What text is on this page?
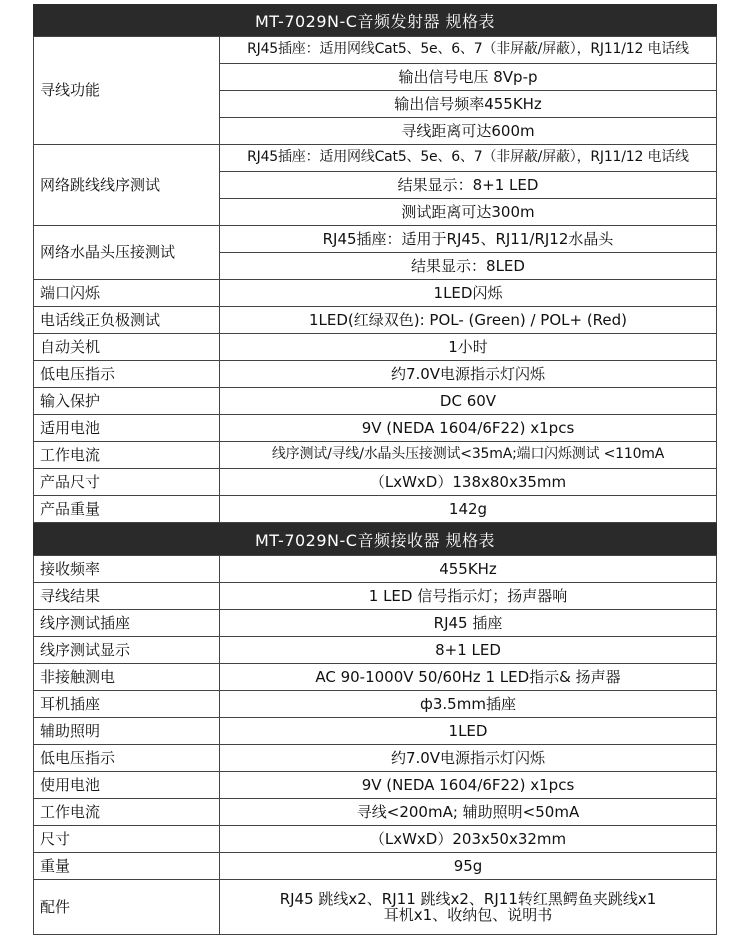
MT-7029N-C音频发射器 规格表
寻线功能	RJ45插座：适用网线Cat5、5e、6、7（非屏蔽/屏蔽），RJ11/12 电话线
	输出信号电压 8Vp-p
	输出信号频率455KHz
	寻线距离可达600m
网络跳线线序测试	RJ45插座：适用网线Cat5、5e、6、7（非屏蔽/屏蔽），RJ11/12 电话线
	结果显示：8+1 LED
	测试距离可达300m
网络水晶头压接测试	RJ45插座：适用于RJ45、RJ11/RJ12水晶头
	结果显示：8LED
端口闪烁	1LED闪烁
电话线正负极测试	1LED(红绿双色): POL- (Green) / POL+ (Red)
自动关机	1小时
低电压指示	约7.0V电源指示灯闪烁
输入保护	DC 60V
适用电池	9V (NEDA 1604/6F22) x1pcs
工作电流	线序测试/寻线/水晶头压接测试<35mA;端口闪烁测试 <110mA
产品尺寸	（LxWxD）138x80x35mm
产品重量	142g
MT-7029N-C音频接收器 规格表
接收频率	455KHz
寻线结果	1 LED 信号指示灯；扬声器响
线序测试插座	RJ45 插座
线序测试显示	8+1 LED
非接触测电	AC 90-1000V 50/60Hz 1 LED指示& 扬声器
耳机插座	ф3.5mm插座
辅助照明	1LED
低电压指示	约7.0V电源指示灯闪烁
使用电池	9V (NEDA 1604/6F22) x1pcs
工作电流	寻线<200mA; 辅助照明<50mA
尺寸	（LxWxD）203x50x32mm
重量	95g
配件	RJ45 跳线x2、RJ11 跳线x2、RJ11转红黑鳄鱼夹跳线x1
耳机x1、收纳包、说明书
